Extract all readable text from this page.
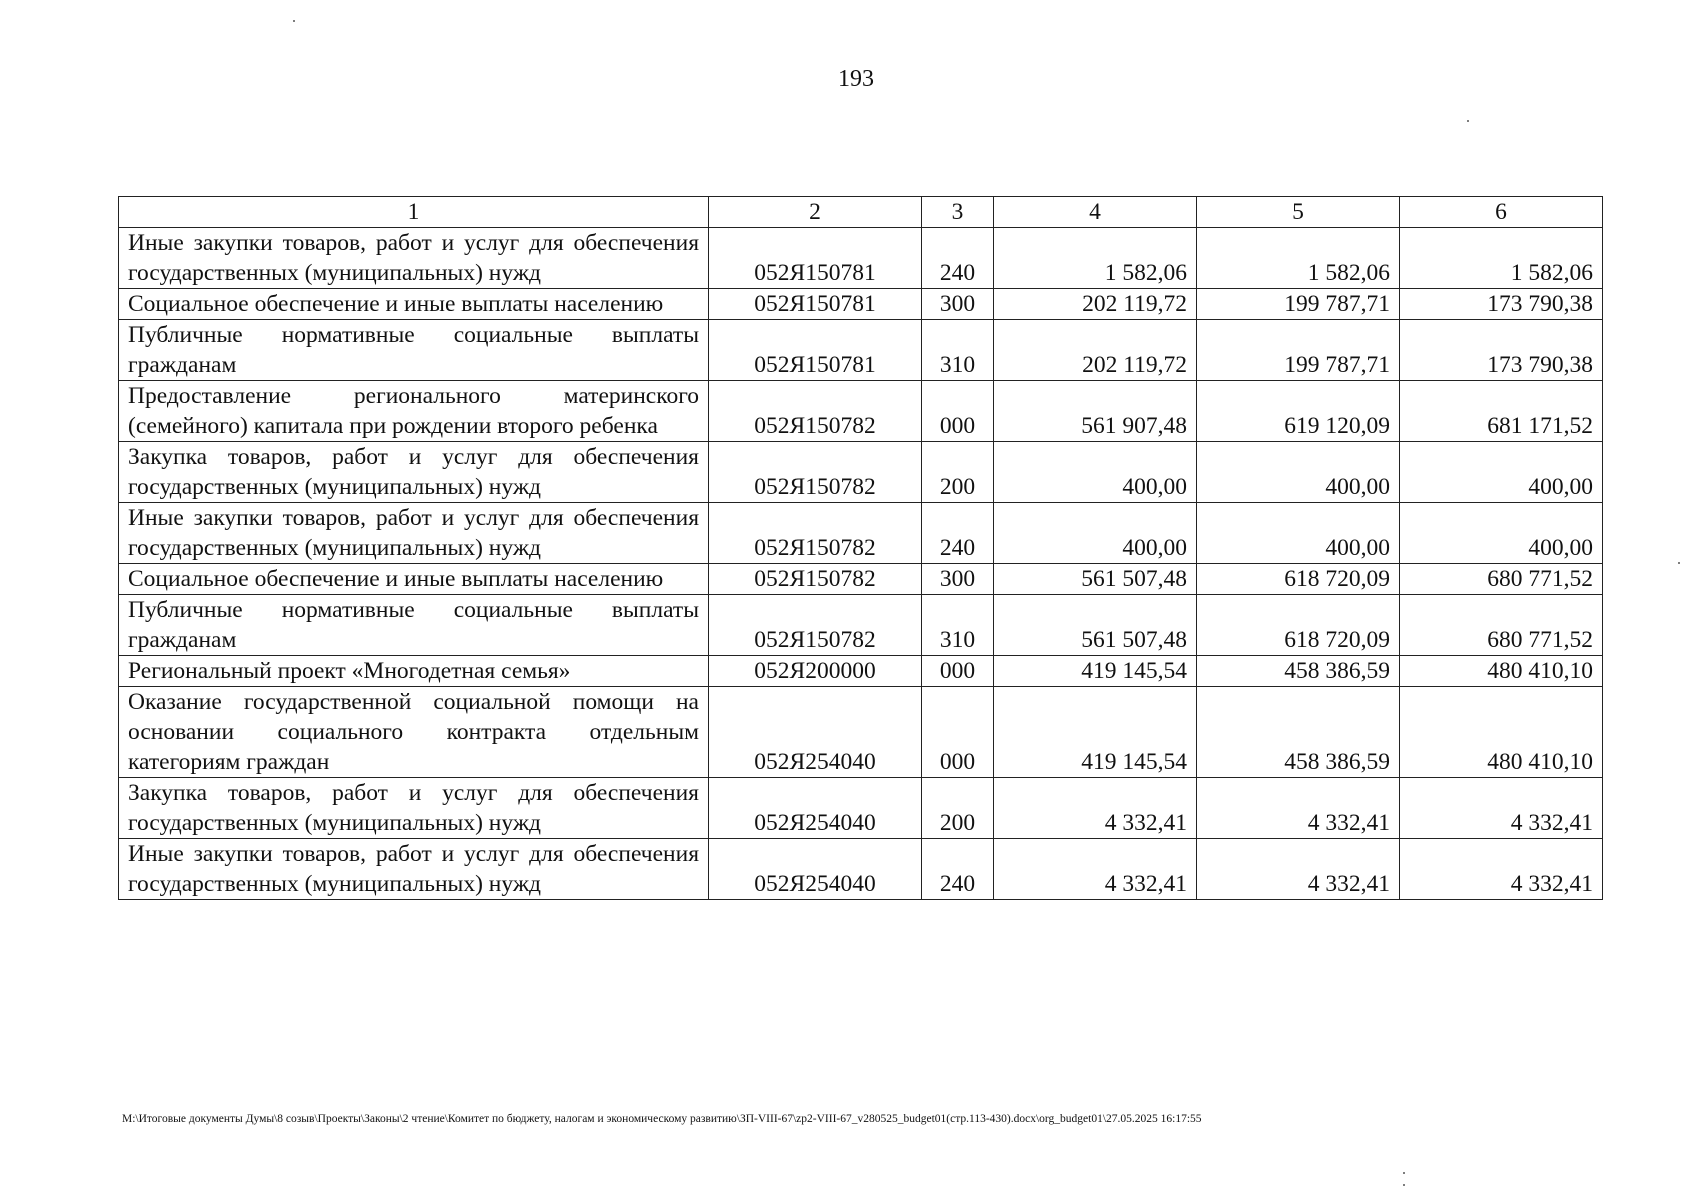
193
1	2	3	4	5	6
Иные закупки товаров, работ и услуг для обеспечения государственных (муниципальных) нужд	052Я150781	240	1 582,06	1 582,06	1 582,06
Социальное обеспечение и иные выплаты населению	052Я150781	300	202 119,72	199 787,71	173 790,38
Публичные нормативные социальные выплаты гражданам	052Я150781	310	202 119,72	199 787,71	173 790,38
Предоставление регионального материнского (семейного) капитала при рождении второго ребенка	052Я150782	000	561 907,48	619 120,09	681 171,52
Закупка товаров, работ и услуг для обеспечения государственных (муниципальных) нужд	052Я150782	200	400,00	400,00	400,00
Иные закупки товаров, работ и услуг для обеспечения государственных (муниципальных) нужд	052Я150782	240	400,00	400,00	400,00
Социальное обеспечение и иные выплаты населению	052Я150782	300	561 507,48	618 720,09	680 771,52
Публичные нормативные социальные выплаты гражданам	052Я150782	310	561 507,48	618 720,09	680 771,52
Региональный проект «Многодетная семья»	052Я200000	000	419 145,54	458 386,59	480 410,10
Оказание государственной социальной помощи на основании социального контракта отдельным категориям граждан	052Я254040	000	419 145,54	458 386,59	480 410,10
Закупка товаров, работ и услуг для обеспечения государственных (муниципальных) нужд	052Я254040	200	4 332,41	4 332,41	4 332,41
Иные закупки товаров, работ и услуг для обеспечения государственных (муниципальных) нужд	052Я254040	240	4 332,41	4 332,41	4 332,41
M:\Итоговые документы Думы\8 созыв\Проекты\Законы\2 чтение\Комитет по бюджету, налогам и экономическому развитию\ЗП-VIII-67\zp2-VIII-67_v280525_budget01(стр.113-430).docx\org_budget01\27.05.2025 16:17:55
